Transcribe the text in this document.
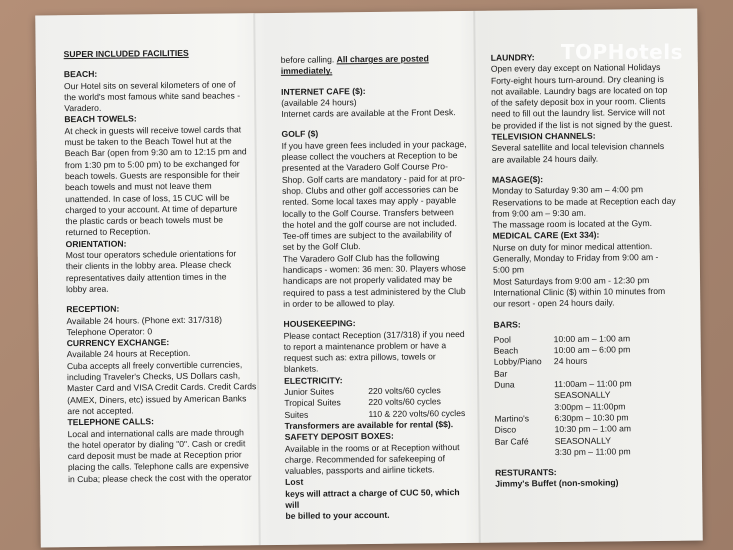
SUPER INCLUDED FACILITIES

BEACH:

Our Hotel sits on several kilometers of one of

the world's most famous white sand beaches -

Varadero.

BEACH TOWELS:

At check in guests will receive towel cards that

must be taken to the Beach Towel hut at the

Beach Bar (open from 9:30 am to 12:15 pm and

from 1:30 pm to 5:00 pm) to be exchanged for

beach towels. Guests are responsible for their

beach towels and must not leave them

unattended. In case of loss, 15 CUC will be

charged to your account. At time of departure

the plastic cards or beach towels must be

returned to Reception.

ORIENTATION:

Most tour operators schedule orientations for

their clients in the lobby area. Please check

representatives daily attention times in the

lobby area.

RECEPTION:

Available 24 hours. (Phone ext: 317/318)

Telephone Operator: 0

CURRENCY EXCHANGE:

Available 24 hours at Reception.

Cuba accepts all freely convertible currencies,

including Traveler's Checks, US Dollars cash,

Master Card and VISA Credit Cards. Credit Cards

(AMEX, Diners, etc) issued by American Banks

are not accepted.

TELEPHONE CALLS:

Local and international calls are made through

the hotel operator by dialing "0". Cash or credit

card deposit must be made at Reception prior

placing the calls. Telephone calls are expensive

in Cuba; please check the cost with the operator

before calling. All charges are posted

immediately.

INTERNET CAFE ($):

(available 24 hours)

Internet cards are available at the Front Desk.

GOLF ($)

If you have green fees included in your package,

please collect the vouchers at Reception to be

presented at the Varadero Golf Course Pro-

Shop. Golf carts are mandatory - paid for at pro-

shop. Clubs and other golf accessories can be

rented. Some local taxes may apply - payable

locally to the Golf Course. Transfers between

the hotel and the golf course are not included.

Tee-off times are subject to the availability of

set by the Golf Club.

The Varadero Golf Club has the following

handicaps - women: 36 men: 30. Players whose

handicaps are not properly validated may be

required to pass a test administered by the Club

in order to be allowed to play.

HOUSEKEEPING:

Please contact Reception (317/318) if you need

to report a maintenance problem or have a

request such as: extra pillows, towels or

blankets.

ELECTRICITY:

Junior Suites	220 volts/60 cycles
Tropical Suites	220 volts/60 cycles
Suites	110 & 220 volts/60 cycles

Transformers are available for rental ($$).

SAFETY DEPOSIT BOXES:

Available in the rooms or at Reception without

charge. Recommended for safekeeping of

valuables, passports and airline tickets.

Lost

keys will attract a charge of CUC 50, which will

be billed to your account.

LAUNDRY:

Open every day except on National Holidays

Forty-eight hours turn-around. Dry cleaning is

not available. Laundry bags are located on top

of the safety deposit box in your room. Clients

need to fill out the laundry list. Service will not

be provided if the list is not signed by the guest.

TELEVISION CHANNELS:

Several satellite and local television channels

are available 24 hours daily.

MASAGE($):

Monday to Saturday 9:30 am – 4:00 pm

Reservations to be made at Reception each day

from 9:00 am – 9:30 am.

The massage room is located at the Gym.

MEDICAL CARE (Ext 334):

Nurse on duty for minor medical attention.

Generally, Monday to Friday from 9:00 am -

5:00 pm

Most Saturdays from 9:00 am - 12:30 pm

International Clinic ($) within 10 minutes from

our resort - open 24 hours daily.

BARS:

Pool	10:00 am – 1:00 am
Beach	10:00 am – 6:00 pm
Lobby/Piano Bar
24 hours
Duna	11:00am – 11:00 pm
SEASONALLY
3:00pm – 11:00pm
Martino's	6:30pm – 10:30 pm
Disco	10:30 pm – 1:00 am
Bar Café	SEASONALLY
3:30 pm – 11:00 pm

RESTURANTS:

Jimmy's Buffet (non-smoking)

TOPHotels
